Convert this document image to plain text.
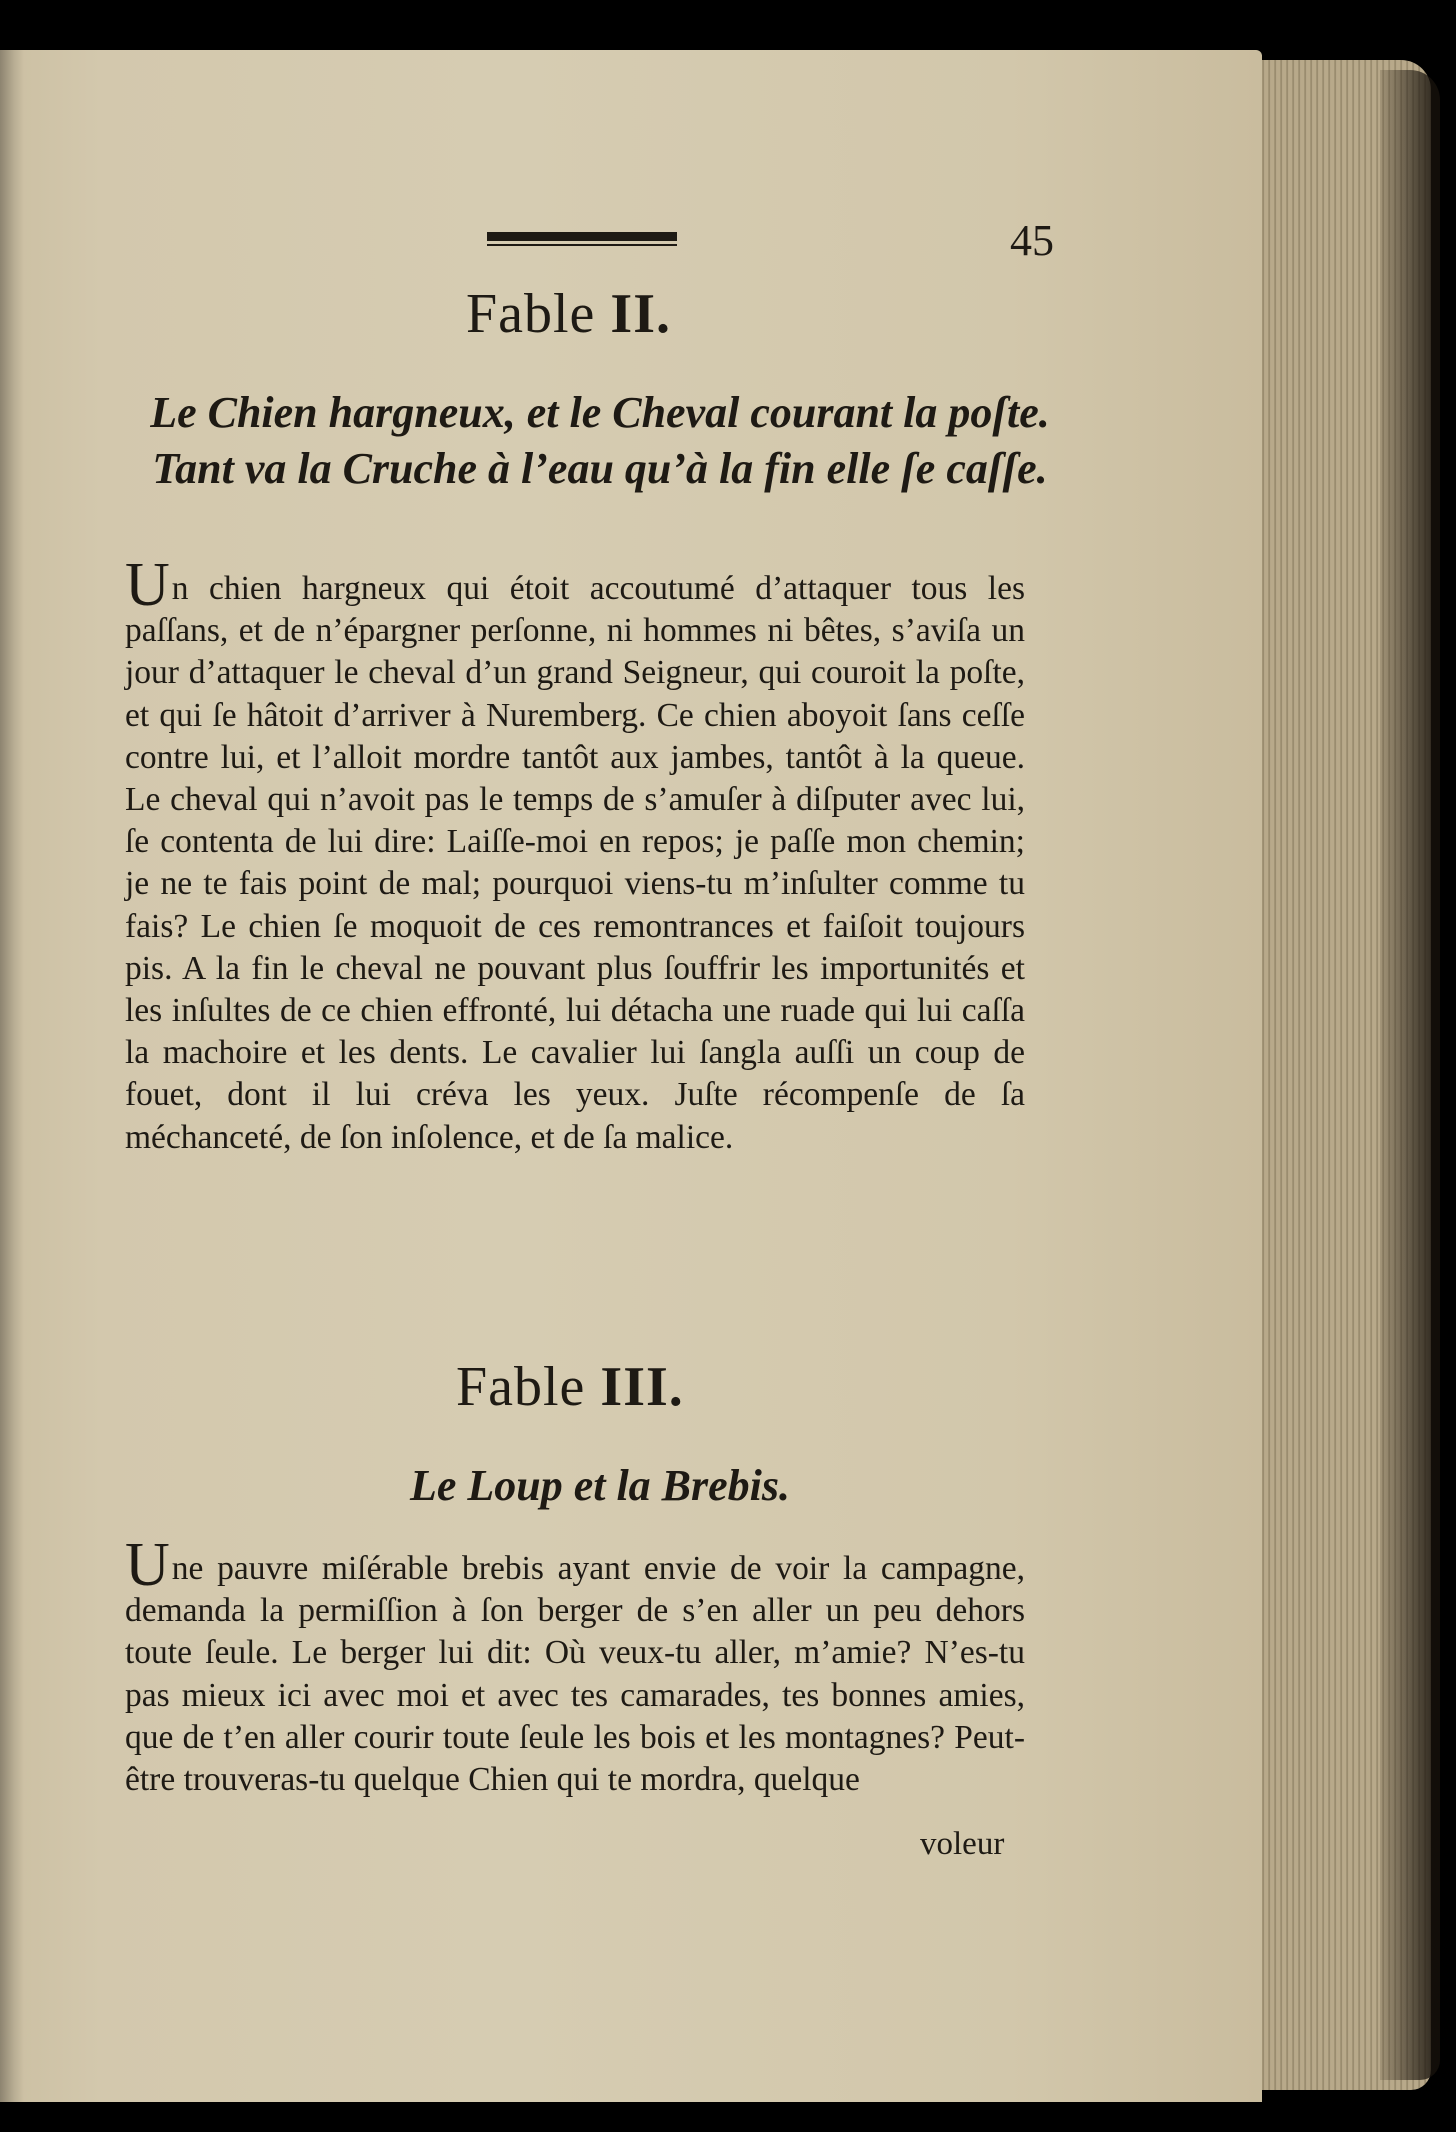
45
Fable II.
Le Chien hargneux, et le Cheval courant la poſte. Tant va la Cruche à l’eau qu’à la fin elle ſe caſſe.
Un chien hargneux qui étoit accoutumé d’attaquer tous les paſſans, et de n’épargner perſonne, ni hommes ni bêtes, s’aviſa un jour d’attaquer le cheval d’un grand Seigneur, qui couroit la poſte, et qui ſe hâtoit d’arriver à Nuremberg. Ce chien aboyoit ſans ceſſe contre lui, et l’alloit mordre tantôt aux jambes, tantôt à la queue. Le cheval qui n’avoit pas le temps de s’amuſer à diſputer avec lui, ſe contenta de lui dire: Laiſſe-moi en repos; je paſſe mon chemin; je ne te fais point de mal; pourquoi viens-tu m’inſulter comme tu fais? Le chien ſe moquoit de ces remontrances et faiſoit toujours pis. A la fin le cheval ne pouvant plus ſouffrir les importunités et les inſultes de ce chien effronté, lui détacha une ruade qui lui caſſa la machoire et les dents. Le cavalier lui ſangla auſſi un coup de fouet, dont il lui créva les yeux. Juſte récompenſe de ſa méchanceté, de ſon inſolence, et de ſa malice.
Fable III.
Le Loup et la Brebis.
Une pauvre miſérable brebis ayant envie de voir la campagne, demanda la permiſſion à ſon berger de s’en aller un peu dehors toute ſeule. Le berger lui dit: Où veux-tu aller, m’amie? N’es-tu pas mieux ici avec moi et avec tes camarades, tes bonnes amies, que de t’en aller courir toute ſeule les bois et les montagnes? Peut-être trouveras-tu quelque Chien qui te mordra, quelque
voleur
